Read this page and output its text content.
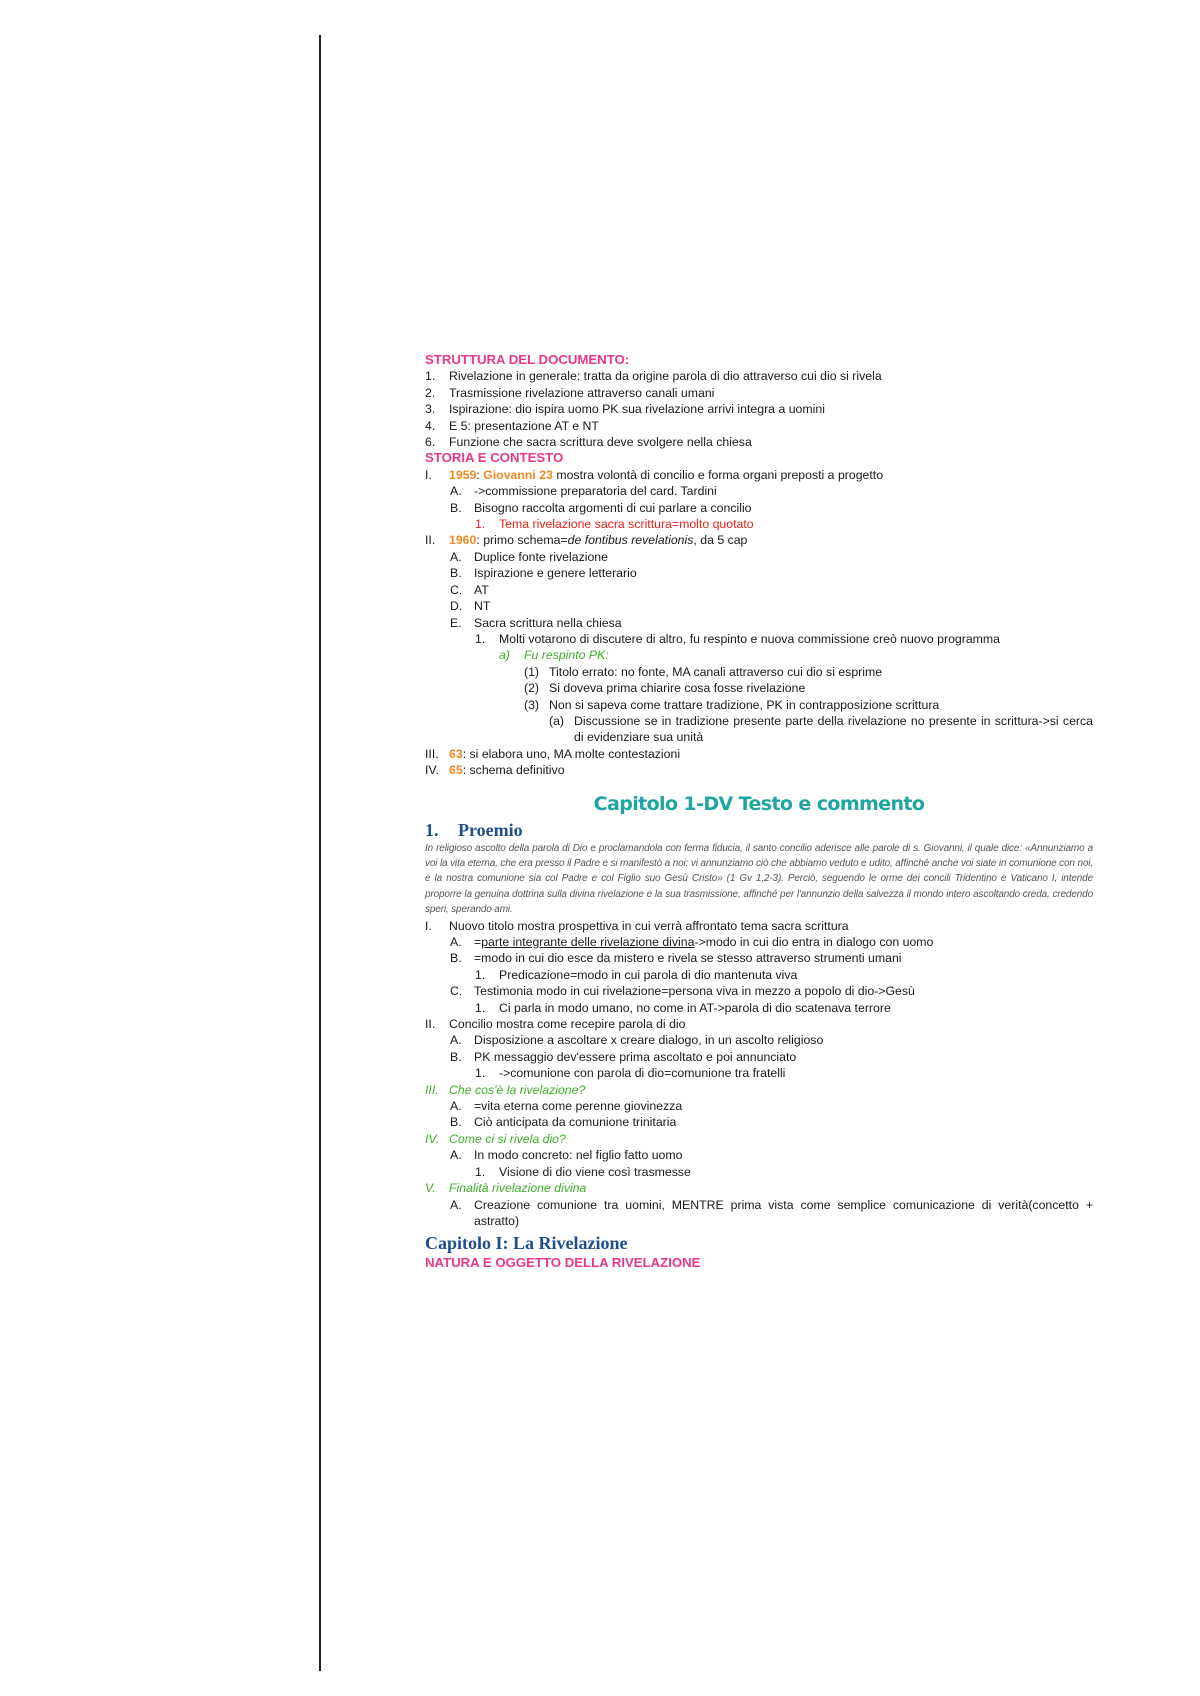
STRUTTURA DEL DOCUMENTO:
1. Rivelazione in generale: tratta da origine parola di dio attraverso cui dio si rivela
2. Trasmissione rivelazione attraverso canali umani
3. Ispirazione: dio ispira uomo PK sua rivelazione arrivi integra a uomini
4. E 5: presentazione AT e NT
6. Funzione che sacra scrittura deve svolgere nella chiesa
STORIA E CONTESTO
I. 1959: Giovanni 23 mostra volontà di concilio e forma organi preposti a progetto
A. ->commissione preparatoria del card. Tardini
B. Bisogno raccolta argomenti di cui parlare a concilio
1. Tema rivelazione sacra scrittura=molto quotato
II. 1960: primo schema=de fontibus revelationis, da 5 cap
A. Duplice fonte rivelazione
B. Ispirazione e genere letterario
C. AT
D. NT
E. Sacra scrittura nella chiesa
1. Molti votarono di discutere di altro, fu respinto e nuova commissione creò nuovo programma
a) Fu respinto PK:
(1) Titolo errato: no fonte, MA canali attraverso cui dio si esprime
(2) Si doveva prima chiarire cosa fosse rivelazione
(3) Non si sapeva come trattare tradizione, PK in contrapposizione scrittura
(a) Discussione se in tradizione presente parte della rivelazione no presente in scrittura->si cerca di evidenziare sua unità
III. 63: si elabora uno, MA molte contestazioni
IV. 65: schema definitivo
Capitolo 1-DV Testo e commento
1. Proemio
In religioso ascolto della parola di Dio e proclamandola con ferma fiducia, il santo concilio aderisce alle parole di s. Giovanni, il quale dice: «Annunziamo a voi la vita eterna, che era presso il Padre e si manifestò a noi: vi annunziamo ciò che abbiamo veduto e udito, affinché anche voi siate in comunione con noi, e la nostra comunione sia col Padre e col Figlio suo Gesù Cristo» (1 Gv 1,2-3). Perciò, seguendo le orme dei concili Tridentino e Vaticano I, intende proporre la genuina dottrina sulla divina rivelazione e la sua trasmissione, affinché per l'annunzio della salvezza il mondo intero ascoltando creda, credendo speri, sperando ami.
I. Nuovo titolo mostra prospettiva in cui verrà affrontato tema sacra scrittura
A. =parte integrante delle rivelazione divina->modo in cui dio entra in dialogo con uomo
B. =modo in cui dio esce da mistero e rivela se stesso attraverso strumenti umani
1. Predicazione=modo in cui parola di dio mantenuta viva
C. Testimonia modo in cui rivelazione=persona viva in mezzo a popolo di dio->Gesù
1. Ci parla in modo umano, no come in AT->parola di dio scatenava terrore
II. Concilio mostra come recepire parola di dio
A. Disposizione a ascoltare x creare dialogo, in un ascolto religioso
B. PK messaggio dev'essere prima ascoltato e poi annunciato
1. ->comunione con parola di dio=comunione tra fratelli
III. Che cos'è la rivelazione?
A. =vita eterna come perenne giovinezza
B. Ciò anticipata da comunione trinitaria
IV. Come ci si rivela dio?
A. In modo concreto: nel figlio fatto uomo
1. Visione di dio viene così trasmesse
V. Finalità rivelazione divina
A. Creazione comunione tra uomini, MENTRE prima vista come semplice comunicazione di verità(concetto + astratto)
Capitolo I: La Rivelazione
NATURA E OGGETTO DELLA RIVELAZIONE
